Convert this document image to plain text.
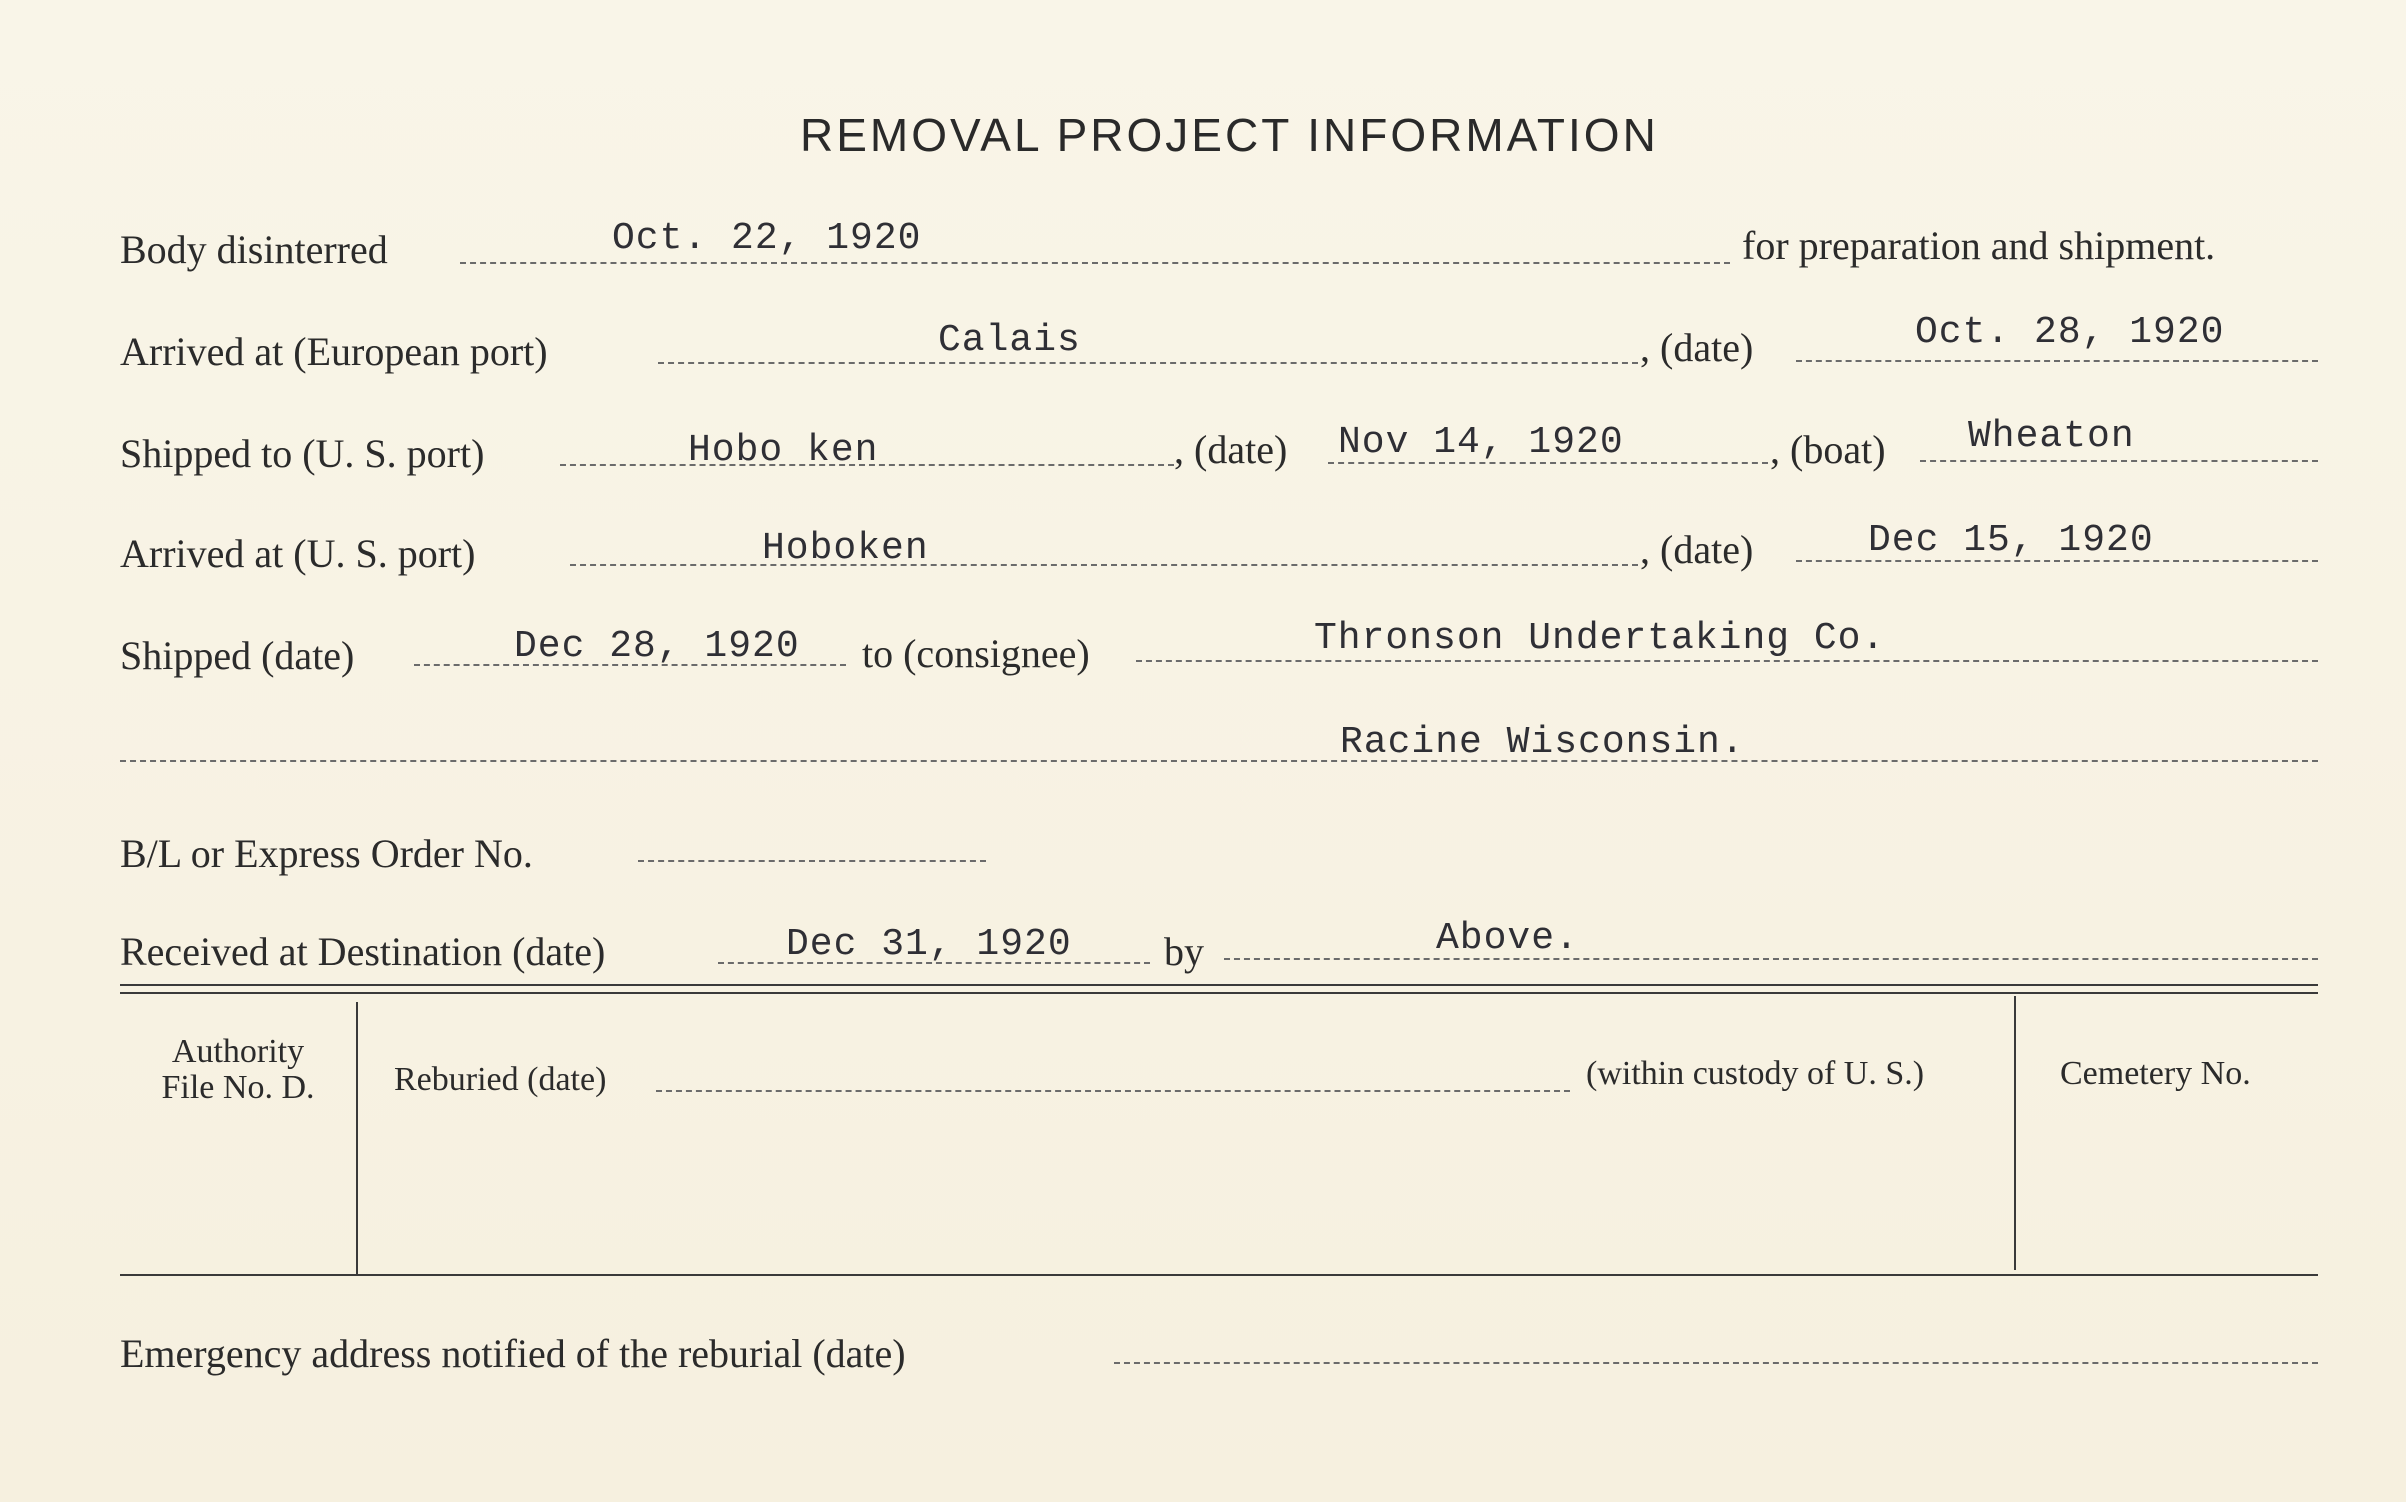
REMOVAL PROJECT INFORMATION
Body disinterred	Oct. 22, 1920	for preparation and shipment.
Arrived at (European port)	Calais	, (date)	Oct. 28, 1920
Shipped to (U. S. port)	Hobo ken	, (date) Nov 14, 1920	, (boat) Wheaton
Arrived at (U. S. port)	Hoboken	, (date)	Dec 15, 1920
Shipped (date)	Dec 28, 1920 to (consignee)	Thronson Undertaking Co.
Racine Wisconsin.
B/L or Express Order No.
Received at Destination (date)	Dec 31, 1920 by	Above.
Authority
File No. D.	Reburied (date)	(within custody of U. S.)	Cemetery No.
Emergency address notified of the reburial (date)
